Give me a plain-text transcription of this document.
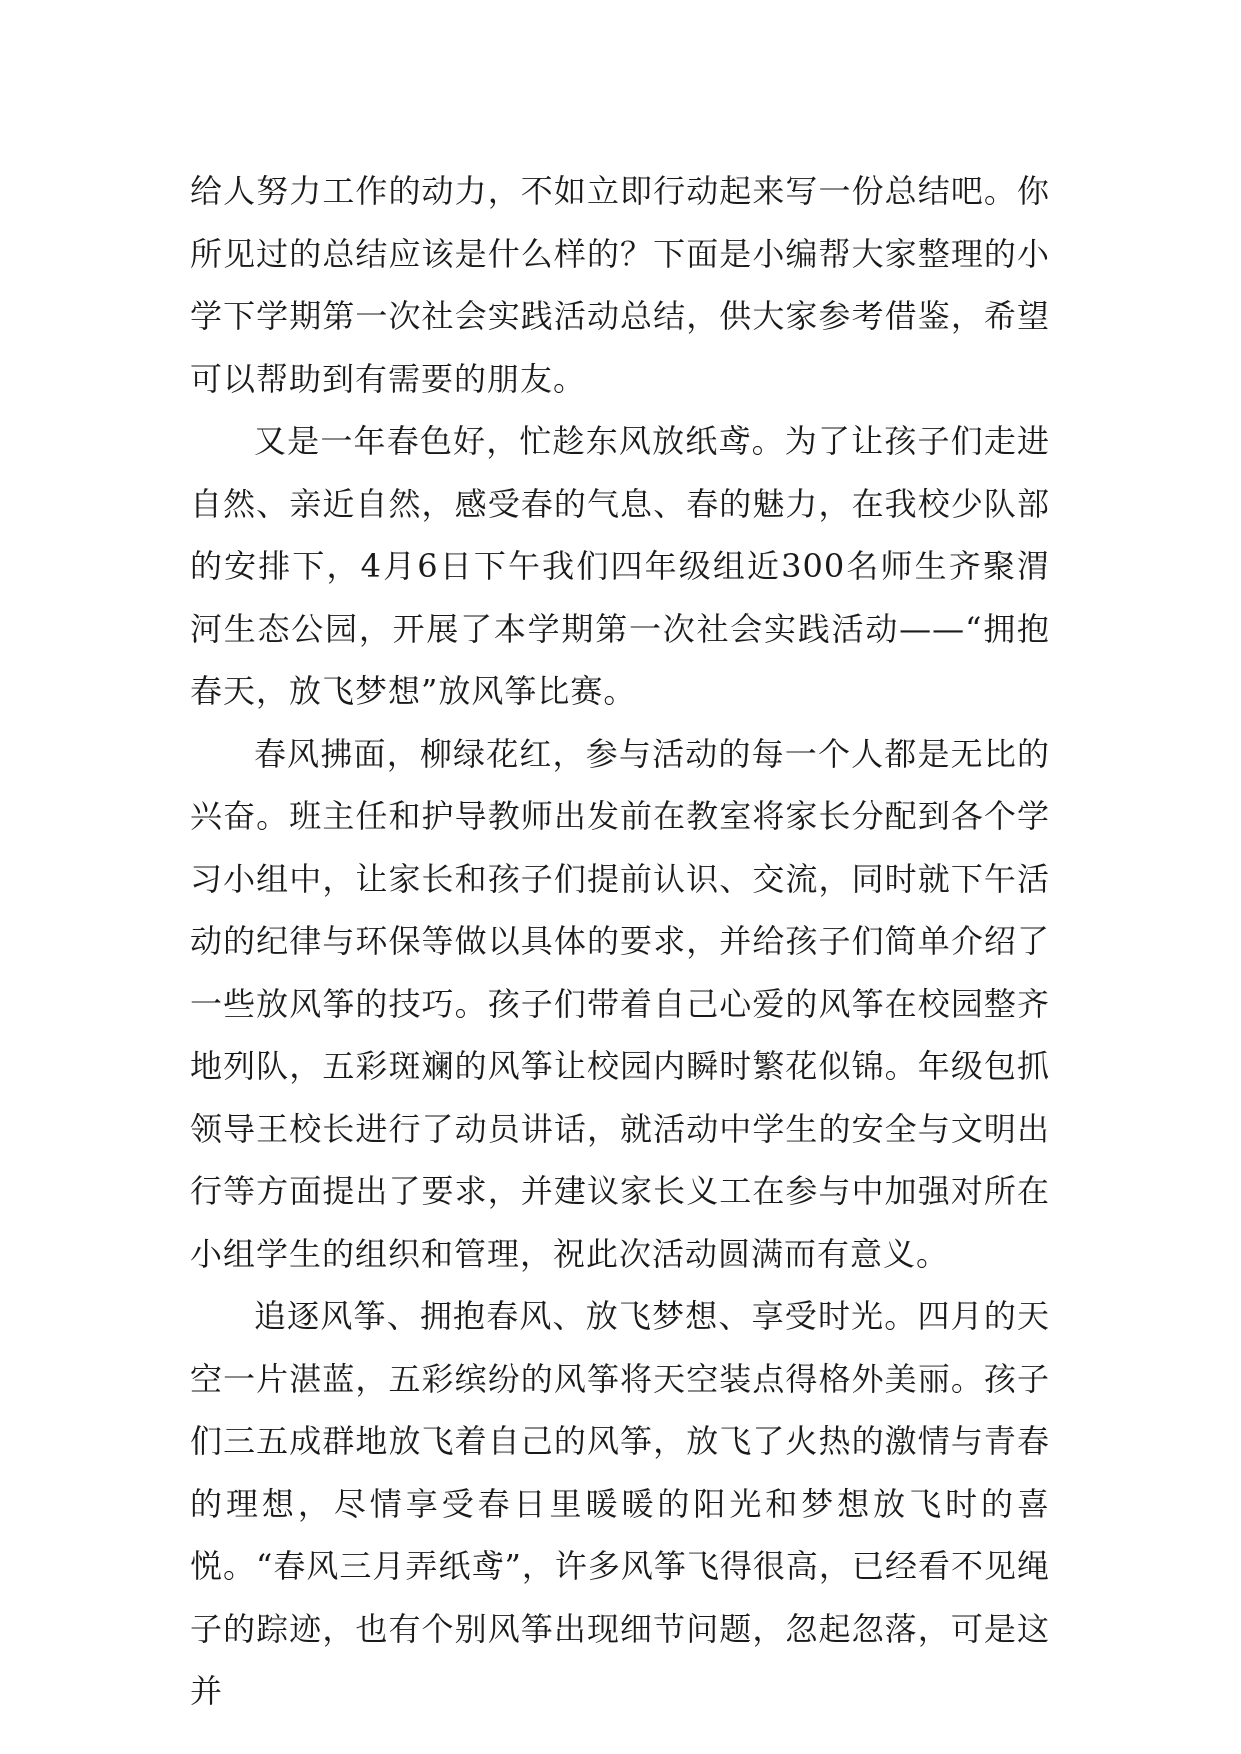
给人努力工作的动力，不如立即行动起来写一份总结吧。你所见过的总结应该是什么样的？下面是小编帮大家整理的小学下学期第一次社会实践活动总结，供大家参考借鉴，希望可以帮助到有需要的朋友。

又是一年春色好，忙趁东风放纸鸢。为了让孩子们走进自然、亲近自然，感受春的气息、春的魅力，在我校少队部的安排下，4月6日下午我们四年级组近300名师生齐聚渭河生态公园，开展了本学期第一次社会实践活动——“拥抱春天，放飞梦想”放风筝比赛。

春风拂面，柳绿花红，参与活动的每一个人都是无比的兴奋。班主任和护导教师出发前在教室将家长分配到各个学习小组中，让家长和孩子们提前认识、交流，同时就下午活动的纪律与环保等做以具体的要求，并给孩子们简单介绍了一些放风筝的技巧。孩子们带着自己心爱的风筝在校园整齐地列队，五彩斑斓的风筝让校园内瞬时繁花似锦。年级包抓领导王校长进行了动员讲话，就活动中学生的安全与文明出行等方面提出了要求，并建议家长义工在参与中加强对所在小组学生的组织和管理，祝此次活动圆满而有意义。

追逐风筝、拥抱春风、放飞梦想、享受时光。四月的天空一片湛蓝，五彩缤纷的风筝将天空装点得格外美丽。孩子们三五成群地放飞着自己的风筝，放飞了火热的激情与青春的理想，尽情享受春日里暖暖的阳光和梦想放飞时的喜悦。“春风三月弄纸鸢”，许多风筝飞得很高，已经看不见绳子的踪迹，也有个别风筝出现细节问题，忽起忽落，可是这并
